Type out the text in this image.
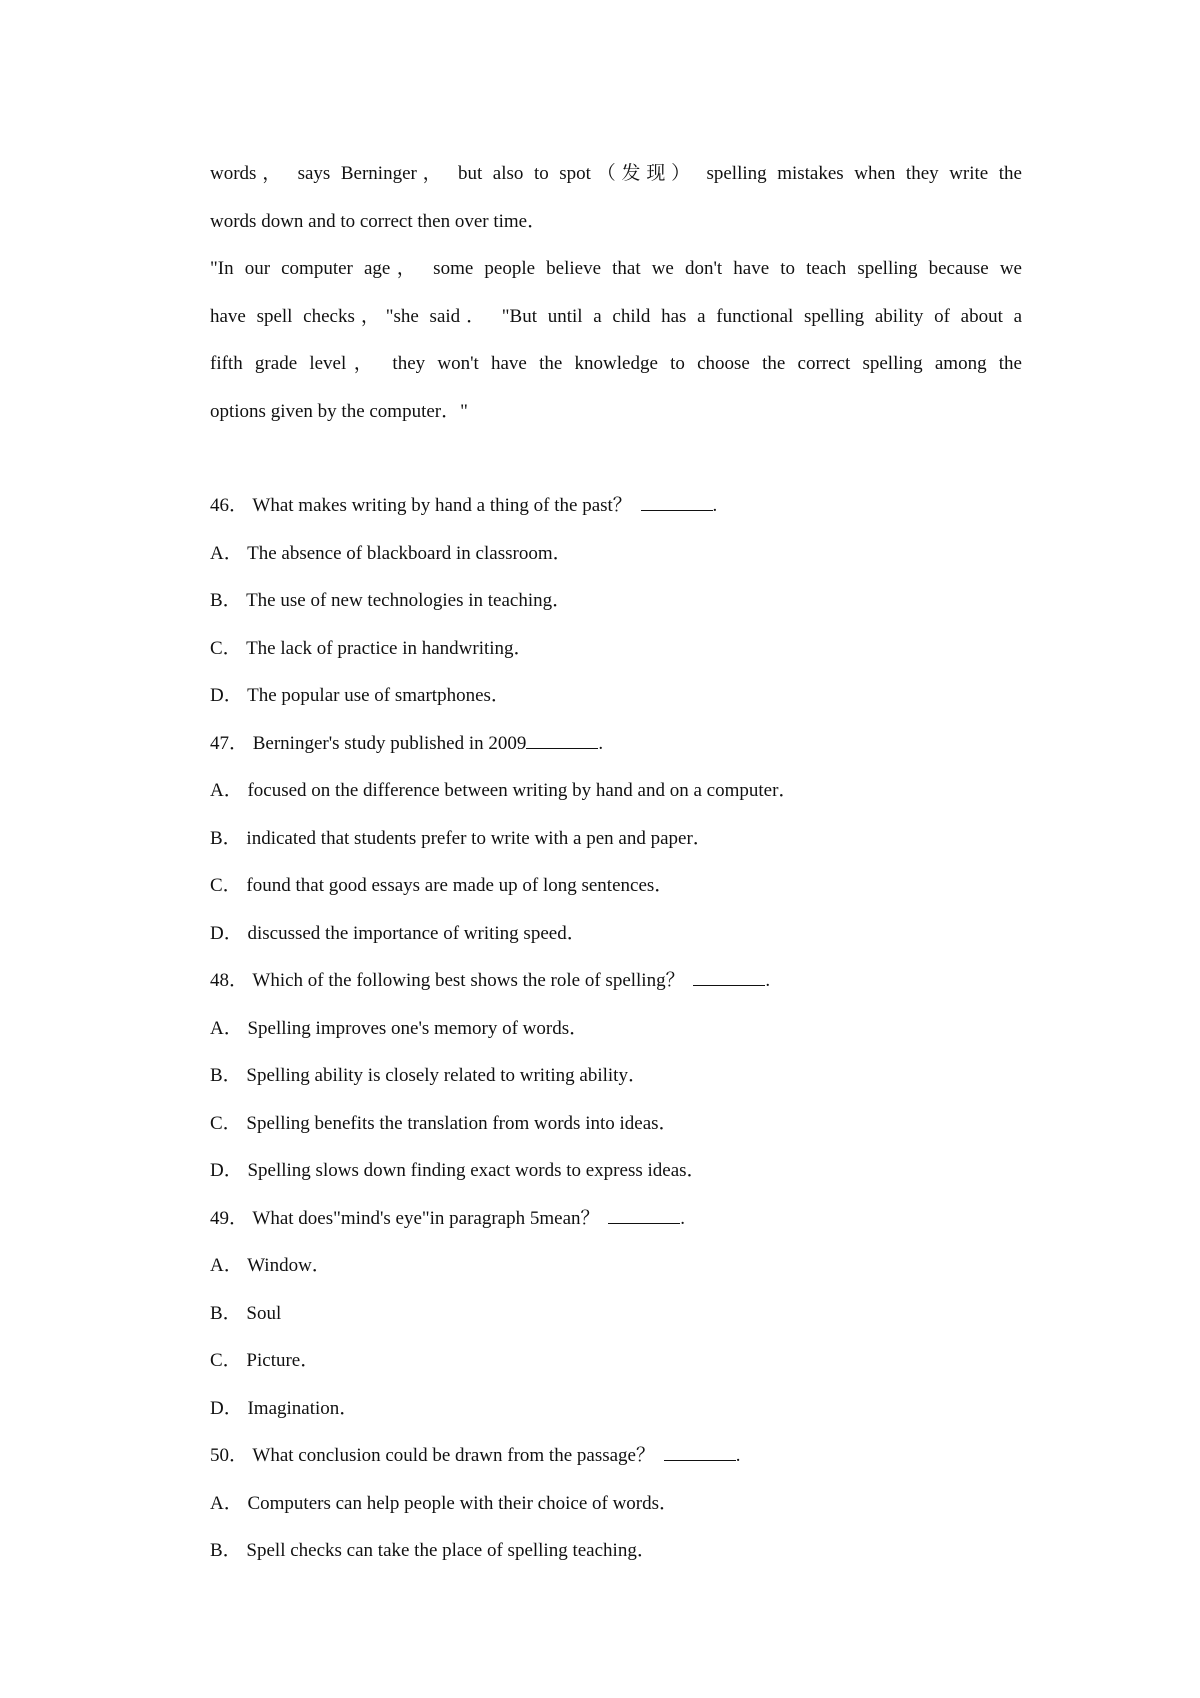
words， says Berninger， but also to spot（发现） spelling mistakes when they write the
words down and to correct then over time．
"In our computer age， some people believe that we don't have to teach spelling because we
have spell checks，"she said． "But until a child has a functional spelling ability of about a
fifth grade level， they won't have the knowledge to choose the correct spelling among the
options given by the computer．"

46． What makes writing by hand a thing of the past？	.

A． The absence of blackboard in classroom．

B． The use of new technologies in teaching．

C． The lack of practice in handwriting．

D． The popular use of smartphones．

47． Berninger's study published in 2009	.

A． focused on the difference between writing by hand and on a computer．

B． indicated that students prefer to write with a pen and paper．

C． found that good essays are made up of long sentences．

D． discussed the importance of writing speed．

48． Which of the following best shows the role of spelling？	.

A． Spelling improves one's memory of words．

B． Spelling ability is closely related to writing ability．

C． Spelling benefits the translation from words into ideas．

D． Spelling slows down finding exact words to express ideas．

49． What does"mind's eye"in paragraph 5mean？	.

A． Window．

B． Soul

C． Picture．

D． Imagination．

50． What conclusion could be drawn from the passage？	.

A． Computers can help people with their choice of words．

B． Spell checks can take the place of spelling teaching．
